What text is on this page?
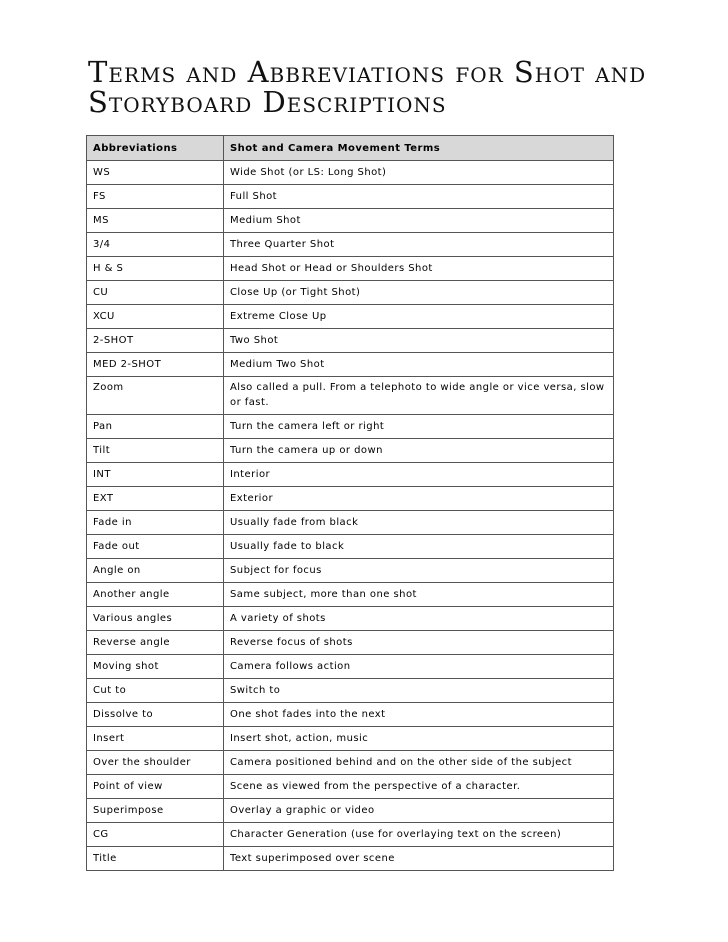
Terms and Abbreviations for Shot and Storyboard Descriptions
Abbreviations	Shot and Camera Movement Terms
WS	Wide Shot (or LS: Long Shot)
FS	Full Shot
MS	Medium Shot
3/4	Three Quarter Shot
H & S	Head Shot or Head or Shoulders Shot
CU	Close Up (or Tight Shot)
XCU	Extreme Close Up
2-SHOT	Two Shot
MED 2-SHOT	Medium Two Shot
Zoom	Also called a pull. From a telephoto to wide angle or vice versa, slow or fast.
Pan	Turn the camera left or right
Tilt	Turn the camera up or down
INT	Interior
EXT	Exterior
Fade in	Usually fade from black
Fade out	Usually fade to black
Angle on	Subject for focus
Another angle	Same subject, more than one shot
Various angles	A variety of shots
Reverse angle	Reverse focus of shots
Moving shot	Camera follows action
Cut to	Switch to
Dissolve to	One shot fades into the next
Insert	Insert shot, action, music
Over the shoulder	Camera positioned behind and on the other side of the subject
Point of view	Scene as viewed from the perspective of a character.
Superimpose	Overlay a graphic or video
CG	Character Generation (use for overlaying text on the screen)
Title	Text superimposed over scene
